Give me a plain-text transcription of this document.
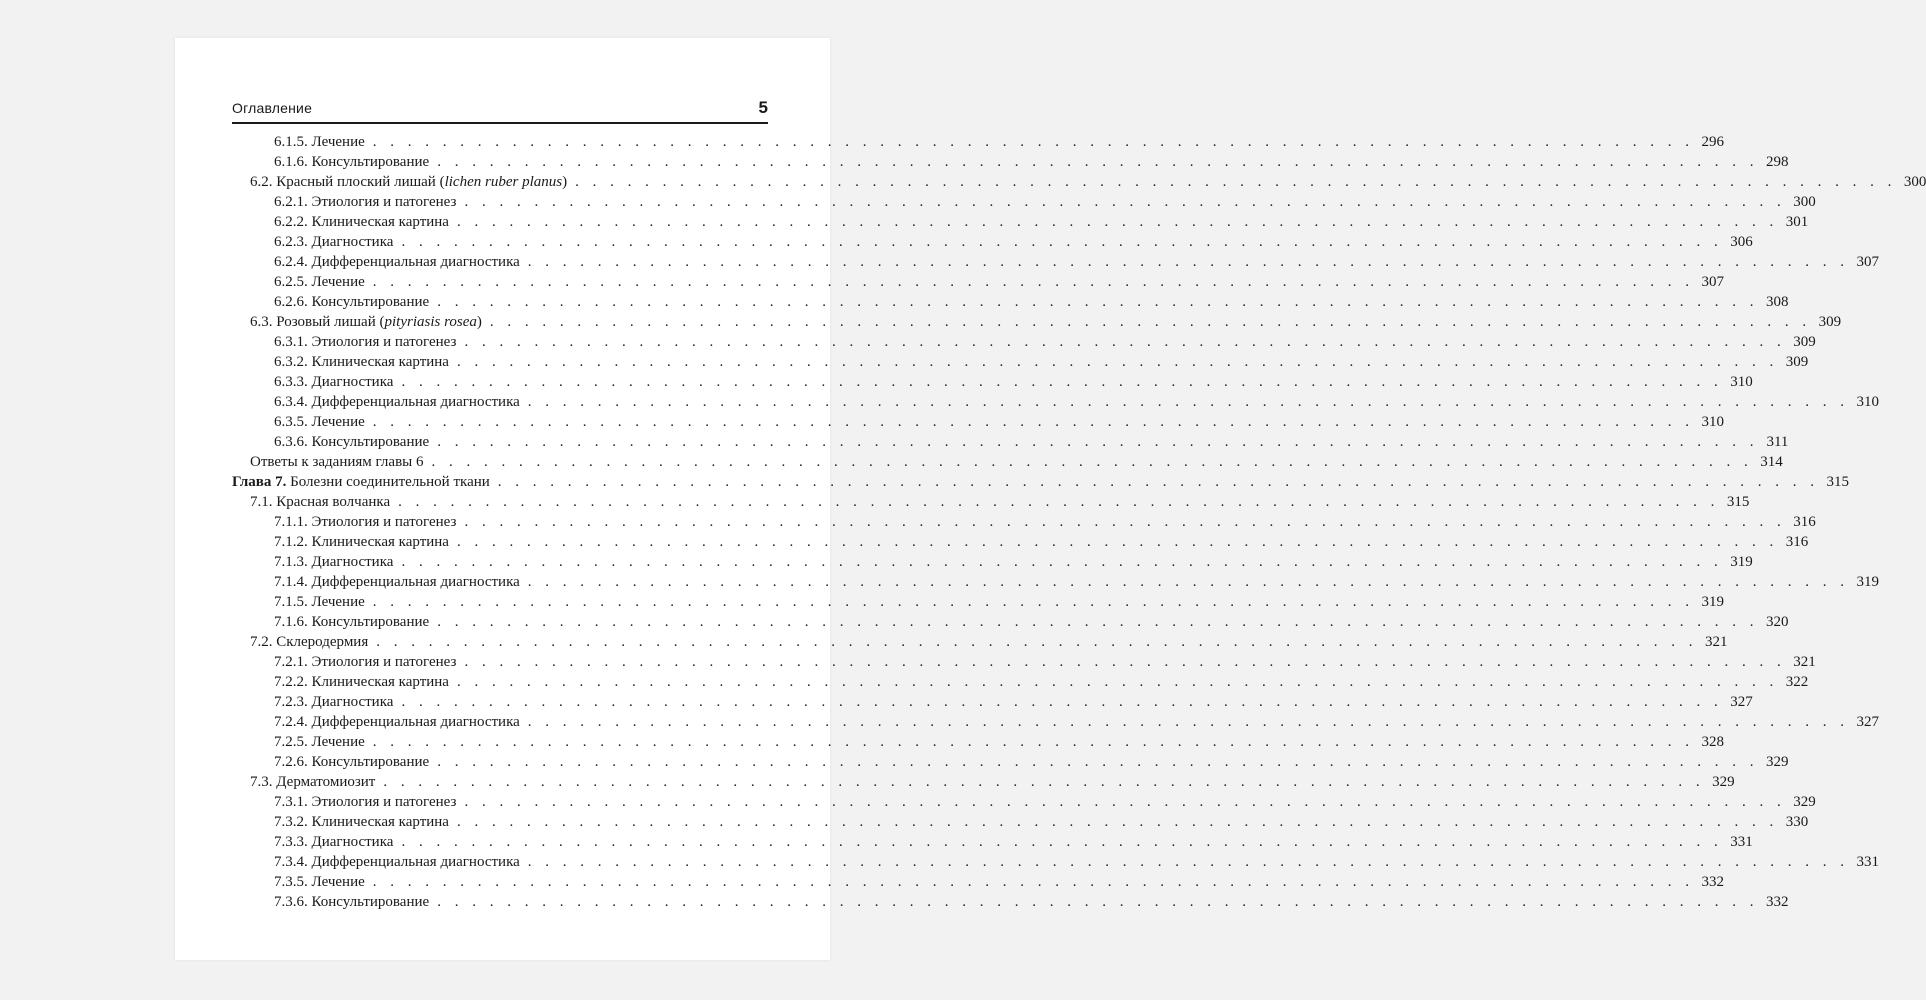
Оглавление	5
6.1.5. Лечение . . . . . . . . . . . . . . . . . . . . . . . . . . . . . . . . . . . . . . . . . . . . . . . . . . . . . . . . . . . . . . . . . . . . . . . . . . . . 296
6.1.6. Консультирование . . . . . . . . . . . . . . . . . . . . . . . . . . . . . . . . . . . . . . . . . . . . . . . . . . . . . . . . . . . . . . . . . . . . . . . . . . . . 298
6.2. Красный плоский лишай (lichen ruber planus) . . . . . . . . . . . . . . . . . . . . . . . . . . . . . . . . . . . . . . . . . . . . . . . . . . . . . . . . . . . . . . . . . . . . . . . . . . . . 300
6.2.1. Этиология и патогенез . . . . . . . . . . . . . . . . . . . . . . . . . . . . . . . . . . . . . . . . . . . . . . . . . . . . . . . . . . . . . . . . . . . . . . . . . . . . 300
6.2.2. Клиническая картина . . . . . . . . . . . . . . . . . . . . . . . . . . . . . . . . . . . . . . . . . . . . . . . . . . . . . . . . . . . . . . . . . . . . . . . . . . . . 301
6.2.3. Диагностика . . . . . . . . . . . . . . . . . . . . . . . . . . . . . . . . . . . . . . . . . . . . . . . . . . . . . . . . . . . . . . . . . . . . . . . . . . . . 306
6.2.4. Дифференциальная диагностика . . . . . . . . . . . . . . . . . . . . . . . . . . . . . . . . . . . . . . . . . . . . . . . . . . . . . . . . . . . . . . . . . . . . . . . . . . . . 307
6.2.5. Лечение . . . . . . . . . . . . . . . . . . . . . . . . . . . . . . . . . . . . . . . . . . . . . . . . . . . . . . . . . . . . . . . . . . . . . . . . . . . . 307
6.2.6. Консультирование . . . . . . . . . . . . . . . . . . . . . . . . . . . . . . . . . . . . . . . . . . . . . . . . . . . . . . . . . . . . . . . . . . . . . . . . . . . . 308
6.3. Розовый лишай (pityriasis rosea) . . . . . . . . . . . . . . . . . . . . . . . . . . . . . . . . . . . . . . . . . . . . . . . . . . . . . . . . . . . . . . . . . . . . . . . . . . . . 309
6.3.1. Этиология и патогенез . . . . . . . . . . . . . . . . . . . . . . . . . . . . . . . . . . . . . . . . . . . . . . . . . . . . . . . . . . . . . . . . . . . . . . . . . . . . 309
6.3.2. Клиническая картина . . . . . . . . . . . . . . . . . . . . . . . . . . . . . . . . . . . . . . . . . . . . . . . . . . . . . . . . . . . . . . . . . . . . . . . . . . . . 309
6.3.3. Диагностика . . . . . . . . . . . . . . . . . . . . . . . . . . . . . . . . . . . . . . . . . . . . . . . . . . . . . . . . . . . . . . . . . . . . . . . . . . . . 310
6.3.4. Дифференциальная диагностика . . . . . . . . . . . . . . . . . . . . . . . . . . . . . . . . . . . . . . . . . . . . . . . . . . . . . . . . . . . . . . . . . . . . . . . . . . . . 310
6.3.5. Лечение . . . . . . . . . . . . . . . . . . . . . . . . . . . . . . . . . . . . . . . . . . . . . . . . . . . . . . . . . . . . . . . . . . . . . . . . . . . . 310
6.3.6. Консультирование . . . . . . . . . . . . . . . . . . . . . . . . . . . . . . . . . . . . . . . . . . . . . . . . . . . . . . . . . . . . . . . . . . . . . . . . . . . . 311
Ответы к заданиям главы 6 . . . . . . . . . . . . . . . . . . . . . . . . . . . . . . . . . . . . . . . . . . . . . . . . . . . . . . . . . . . . . . . . . . . . . . . . . . . . 314
Глава 7. Болезни соединительной ткани . . . . . . . . . . . . . . . . . . . . . . . . . . . . . . . . . . . . . . . . . . . . . . . . . . . . . . . . . . . . . . . . . . . . . . . . . . . . 315
7.1. Красная волчанка . . . . . . . . . . . . . . . . . . . . . . . . . . . . . . . . . . . . . . . . . . . . . . . . . . . . . . . . . . . . . . . . . . . . . . . . . . . . 315
7.1.1. Этиология и патогенез . . . . . . . . . . . . . . . . . . . . . . . . . . . . . . . . . . . . . . . . . . . . . . . . . . . . . . . . . . . . . . . . . . . . . . . . . . . . 316
7.1.2. Клиническая картина . . . . . . . . . . . . . . . . . . . . . . . . . . . . . . . . . . . . . . . . . . . . . . . . . . . . . . . . . . . . . . . . . . . . . . . . . . . . 316
7.1.3. Диагностика . . . . . . . . . . . . . . . . . . . . . . . . . . . . . . . . . . . . . . . . . . . . . . . . . . . . . . . . . . . . . . . . . . . . . . . . . . . . 319
7.1.4. Дифференциальная диагностика . . . . . . . . . . . . . . . . . . . . . . . . . . . . . . . . . . . . . . . . . . . . . . . . . . . . . . . . . . . . . . . . . . . . . . . . . . . . 319
7.1.5. Лечение . . . . . . . . . . . . . . . . . . . . . . . . . . . . . . . . . . . . . . . . . . . . . . . . . . . . . . . . . . . . . . . . . . . . . . . . . . . . 319
7.1.6. Консультирование . . . . . . . . . . . . . . . . . . . . . . . . . . . . . . . . . . . . . . . . . . . . . . . . . . . . . . . . . . . . . . . . . . . . . . . . . . . . 320
7.2. Склеродермия . . . . . . . . . . . . . . . . . . . . . . . . . . . . . . . . . . . . . . . . . . . . . . . . . . . . . . . . . . . . . . . . . . . . . . . . . . . . 321
7.2.1. Этиология и патогенез . . . . . . . . . . . . . . . . . . . . . . . . . . . . . . . . . . . . . . . . . . . . . . . . . . . . . . . . . . . . . . . . . . . . . . . . . . . . 321
7.2.2. Клиническая картина . . . . . . . . . . . . . . . . . . . . . . . . . . . . . . . . . . . . . . . . . . . . . . . . . . . . . . . . . . . . . . . . . . . . . . . . . . . . 322
7.2.3. Диагностика . . . . . . . . . . . . . . . . . . . . . . . . . . . . . . . . . . . . . . . . . . . . . . . . . . . . . . . . . . . . . . . . . . . . . . . . . . . . 327
7.2.4. Дифференциальная диагностика . . . . . . . . . . . . . . . . . . . . . . . . . . . . . . . . . . . . . . . . . . . . . . . . . . . . . . . . . . . . . . . . . . . . . . . . . . . . 327
7.2.5. Лечение . . . . . . . . . . . . . . . . . . . . . . . . . . . . . . . . . . . . . . . . . . . . . . . . . . . . . . . . . . . . . . . . . . . . . . . . . . . . 328
7.2.6. Консультирование . . . . . . . . . . . . . . . . . . . . . . . . . . . . . . . . . . . . . . . . . . . . . . . . . . . . . . . . . . . . . . . . . . . . . . . . . . . . 329
7.3. Дерматомиозит . . . . . . . . . . . . . . . . . . . . . . . . . . . . . . . . . . . . . . . . . . . . . . . . . . . . . . . . . . . . . . . . . . . . . . . . . . . . 329
7.3.1. Этиология и патогенез . . . . . . . . . . . . . . . . . . . . . . . . . . . . . . . . . . . . . . . . . . . . . . . . . . . . . . . . . . . . . . . . . . . . . . . . . . . . 329
7.3.2. Клиническая картина . . . . . . . . . . . . . . . . . . . . . . . . . . . . . . . . . . . . . . . . . . . . . . . . . . . . . . . . . . . . . . . . . . . . . . . . . . . . 330
7.3.3. Диагностика . . . . . . . . . . . . . . . . . . . . . . . . . . . . . . . . . . . . . . . . . . . . . . . . . . . . . . . . . . . . . . . . . . . . . . . . . . . . 331
7.3.4. Дифференциальная диагностика . . . . . . . . . . . . . . . . . . . . . . . . . . . . . . . . . . . . . . . . . . . . . . . . . . . . . . . . . . . . . . . . . . . . . . . . . . . . 331
7.3.5. Лечение . . . . . . . . . . . . . . . . . . . . . . . . . . . . . . . . . . . . . . . . . . . . . . . . . . . . . . . . . . . . . . . . . . . . . . . . . . . . 332
7.3.6. Консультирование . . . . . . . . . . . . . . . . . . . . . . . . . . . . . . . . . . . . . . . . . . . . . . . . . . . . . . . . . . . . . . . . . . . . . . . . . . . . 332
